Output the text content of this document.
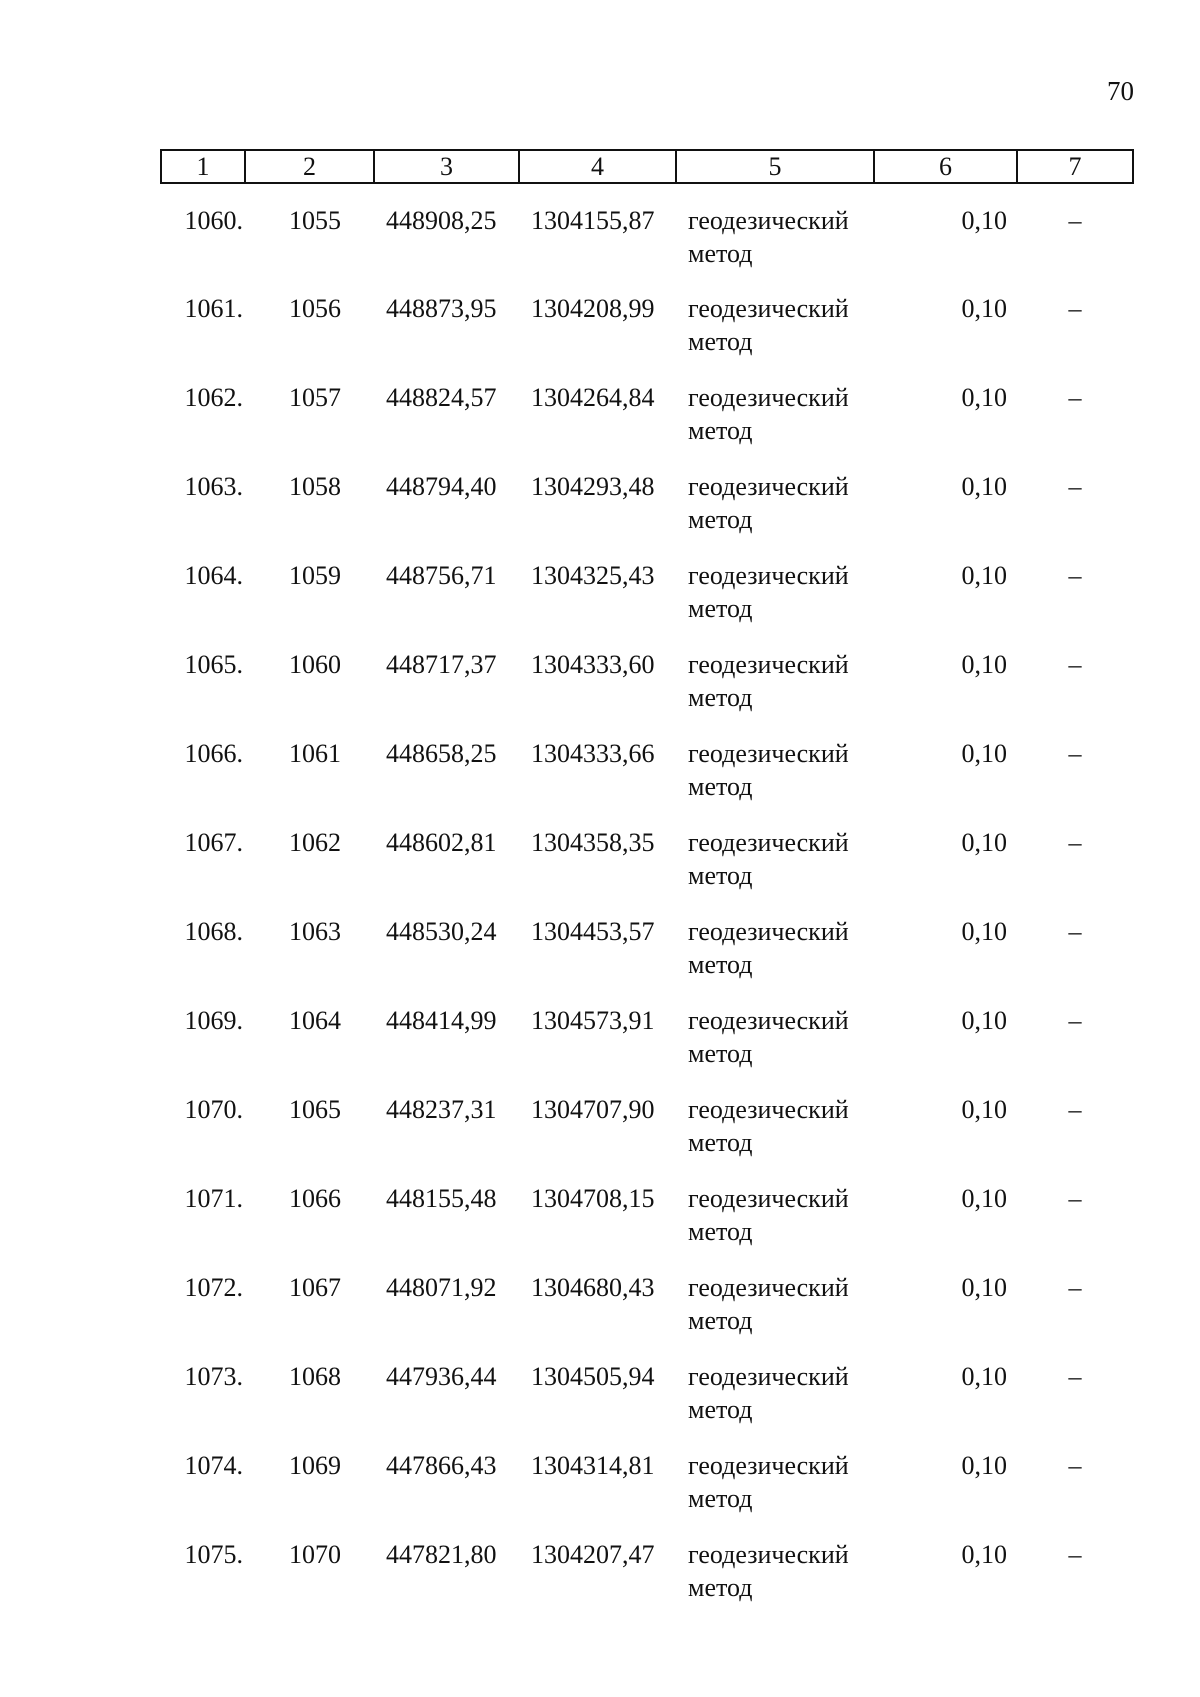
70
1	2	3	4	5	6	7
1060.	1055	448908,25	1304155,87	геодезический
метод	0,10	–
1061.	1056	448873,95	1304208,99	геодезический
метод	0,10	–
1062.	1057	448824,57	1304264,84	геодезический
метод	0,10	–
1063.	1058	448794,40	1304293,48	геодезический
метод	0,10	–
1064.	1059	448756,71	1304325,43	геодезический
метод	0,10	–
1065.	1060	448717,37	1304333,60	геодезический
метод	0,10	–
1066.	1061	448658,25	1304333,66	геодезический
метод	0,10	–
1067.	1062	448602,81	1304358,35	геодезический
метод	0,10	–
1068.	1063	448530,24	1304453,57	геодезический
метод	0,10	–
1069.	1064	448414,99	1304573,91	геодезический
метод	0,10	–
1070.	1065	448237,31	1304707,90	геодезический
метод	0,10	–
1071.	1066	448155,48	1304708,15	геодезический
метод	0,10	–
1072.	1067	448071,92	1304680,43	геодезический
метод	0,10	–
1073.	1068	447936,44	1304505,94	геодезический
метод	0,10	–
1074.	1069	447866,43	1304314,81	геодезический
метод	0,10	–
1075.	1070	447821,80	1304207,47	геодезический
метод	0,10	–
